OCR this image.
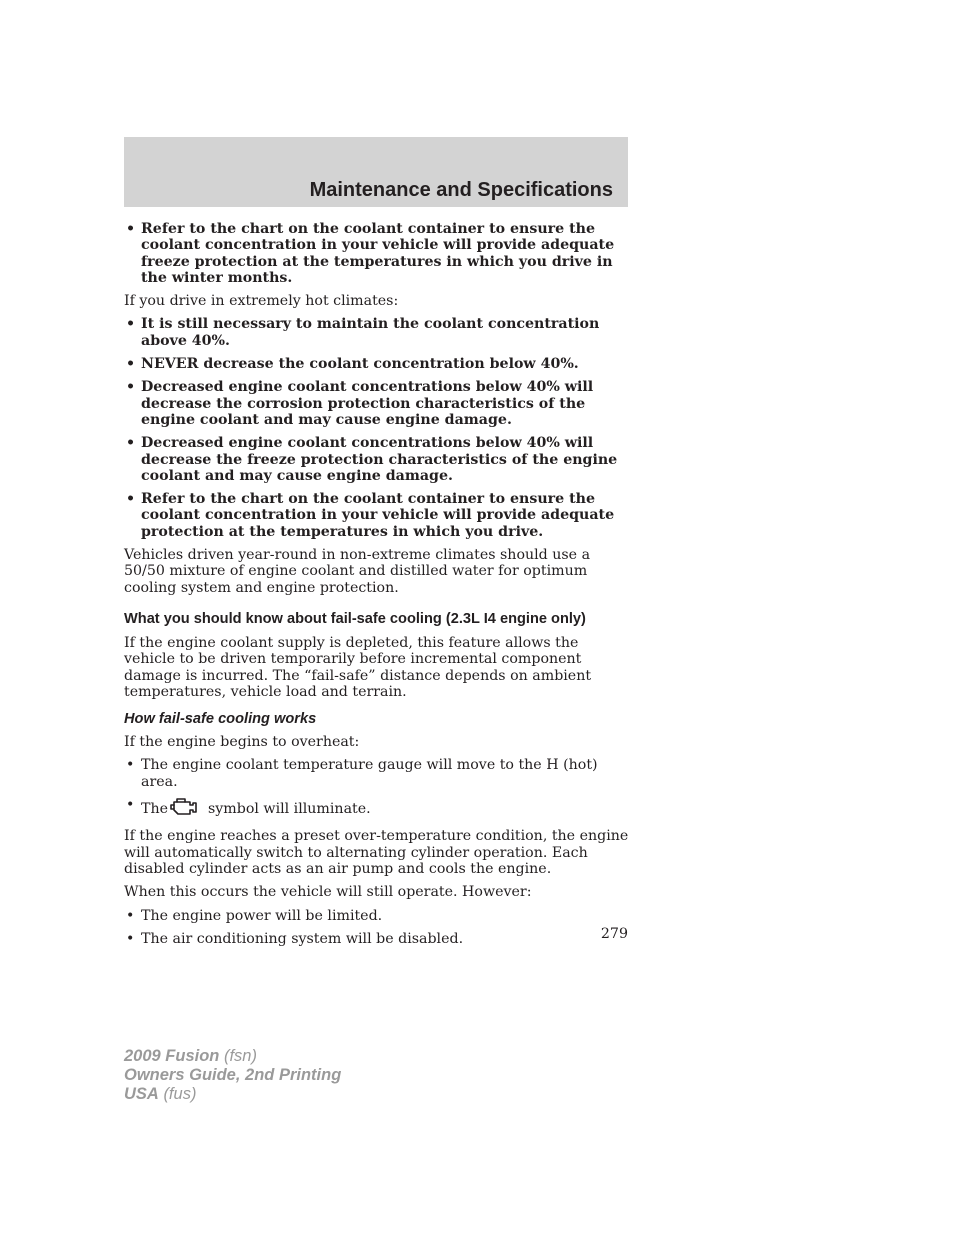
Maintenance and Specifications
• Refer to the chart on the coolant container to ensure the coolant concentration in your vehicle will provide adequate freeze protection at the temperatures in which you drive in the winter months.

If you drive in extremely hot climates:

• It is still necessary to maintain the coolant concentration above 40%.
• NEVER decrease the coolant concentration below 40%.
• Decreased engine coolant concentrations below 40% will decrease the corrosion protection characteristics of the engine coolant and may cause engine damage.
• Decreased engine coolant concentrations below 40% will decrease the freeze protection characteristics of the engine coolant and may cause engine damage.
• Refer to the chart on the coolant container to ensure the coolant concentration in your vehicle will provide adequate protection at the temperatures in which you drive.

Vehicles driven year-round in non-extreme climates should use a 50/50 mixture of engine coolant and distilled water for optimum cooling system and engine protection.

What you should know about fail-safe cooling (2.3L I4 engine only)

If the engine coolant supply is depleted, this feature allows the vehicle to be driven temporarily before incremental component damage is incurred. The “fail-safe” distance depends on ambient temperatures, vehicle load and terrain.

How fail-safe cooling works

If the engine begins to overheat:

• The engine coolant temperature gauge will move to the H (hot) area.
• The	symbol will illuminate.

If the engine reaches a preset over-temperature condition, the engine will automatically switch to alternating cylinder operation. Each disabled cylinder acts as an air pump and cools the engine.

When this occurs the vehicle will still operate. However:

• The engine power will be limited.
• The air conditioning system will be disabled.	279
2009 Fusion (fsn)
Owners Guide, 2nd Printing
USA (fus)
